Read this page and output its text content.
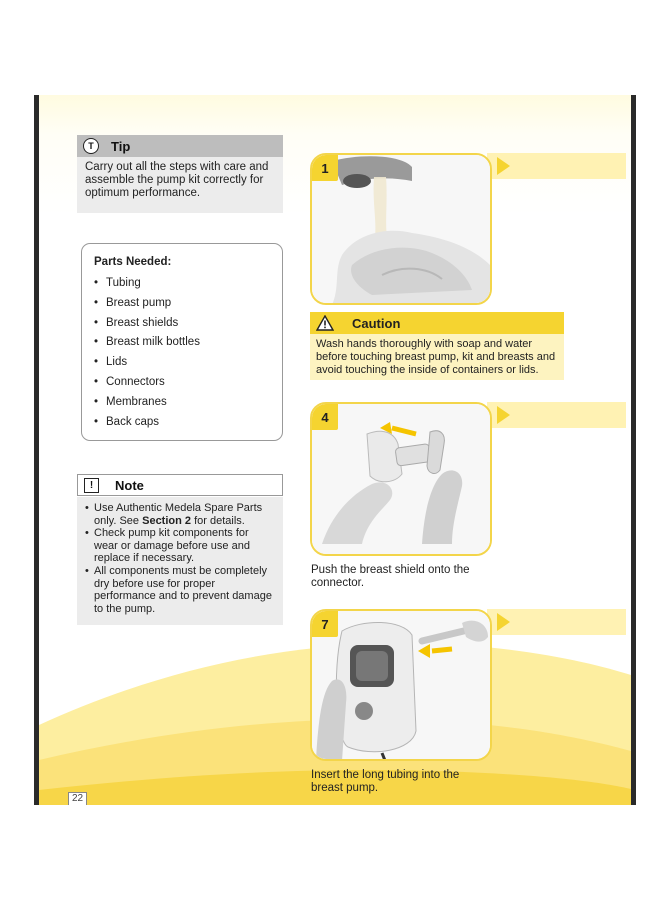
T	Tip
Carry out all the steps with care and assemble the pump kit correctly for optimum performance.
Parts Needed:
• Tubing
• Breast pump
• Breast shields
• Breast milk bottles
• Lids
• Connectors
• Membranes
• Back caps
!	Note
• Use Authentic Medela Spare Parts only. See Section 2 for details.
• Check pump kit components for wear or damage before use and replace if necessary.
• All components must be completely dry before use for proper performance and to prevent damage to the pump.
1
Caution
Wash hands thoroughly with soap and water before touching breast pump, kit and breasts and avoid touching the inside of containers or lids.
4
Push the breast shield onto the connector.
7
Insert the long tubing into the breast pump.
22
